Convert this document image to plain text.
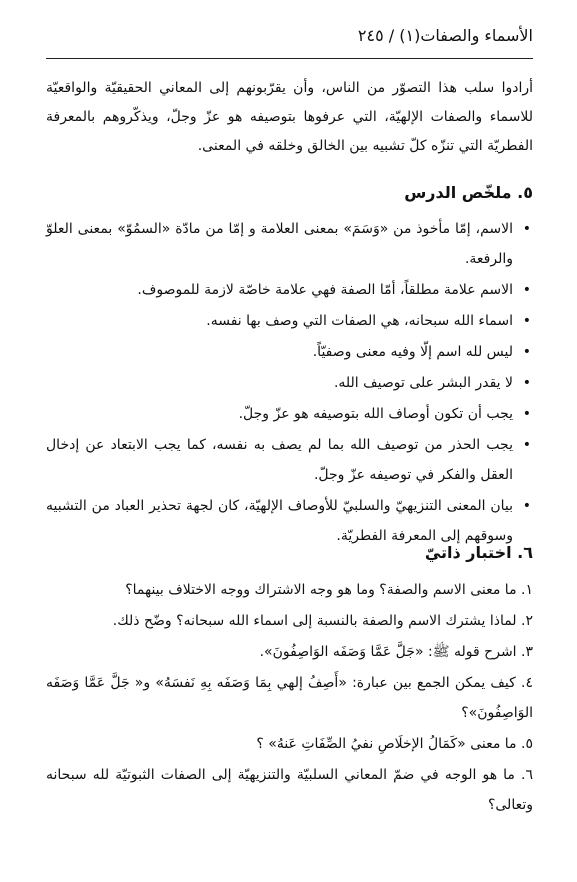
الأسماء والصفات(١) / ٢٤٥
أرادوا سلب هذا التصوّر من الناس، وأن يقرّبونهم إلى المعاني الحقيقيّة والواقعيّة للاسماء والصفات الإلهيّة، التي عرفوها بتوصيفه هو عزّ وجلّ، ويذكّروهم بالمعرفة الفطريّة التي تنزّه كلّ تشبيه بين الخالق وخلقه في المعنى.
٥. ملخّص الدرس
•
الاسم، إمّا مأخوذ من «وَسَمَ» بمعنى العلامة و إمّا من مادّة «السمُوّ» بمعنى العلوّ والرفعة.
•
الاسم علامة مطلقاً، أمّا الصفة فهي علامة خاصّة لازمة للموصوف.
•
اسماء الله سبحانه، هي الصفات التي وصف بها نفسه.
•
ليس لله اسم إلّا وفيه معنى وصفيّاً.
•
لا يقدر البشر على توصيف الله.
•
يجب أن تكون أوصاف الله بتوصيفه هو عزّ وجلّ.
•
يجب الحذر من توصيف الله بما لم يصف به نفسه، كما يجب الابتعاد عن إدخال العقل والفكر في توصيفه عزّ وجلّ.
•
بيان المعنى التنزيهيّ والسلبيّ للأوصاف الإلهيّة، كان لجهة تحذير العباد من التشبيه وسوقهم إلى المعرفة الفطريّة.
٦. اختبار ذاتيّ
١. ما معنى الاسم والصفة؟ وما هو وجه الاشتراك ووجه الاختلاف بينهما؟
٢. لماذا يشترك الاسم والصفة بالنسبة إلى اسماء الله سبحانه؟ وضّح ذلك.
٣. اشرح قوله ﷺ: «جَلَّ عَمَّا وَصَفَه الوَاصِفُونَ».
٤. كيف يمكن الجمع بين عبارة: «أَصِفُ إلهي بِمَا وَصَفَه بِهِ نَفسَهُ» و« جَلَّ عَمَّا وَصَفَه الوَاصِفُونَ»؟
٥. ما معنى «كَمَالُ الإخلَاصِ نفيُ الصِّفَاتِ عَنهُ» ؟
٦. ما هو الوجه في ضمّ المعاني السلبيّة والتنزيهيّة إلى الصفات الثبوتيّة لله سبحانه وتعالى؟
